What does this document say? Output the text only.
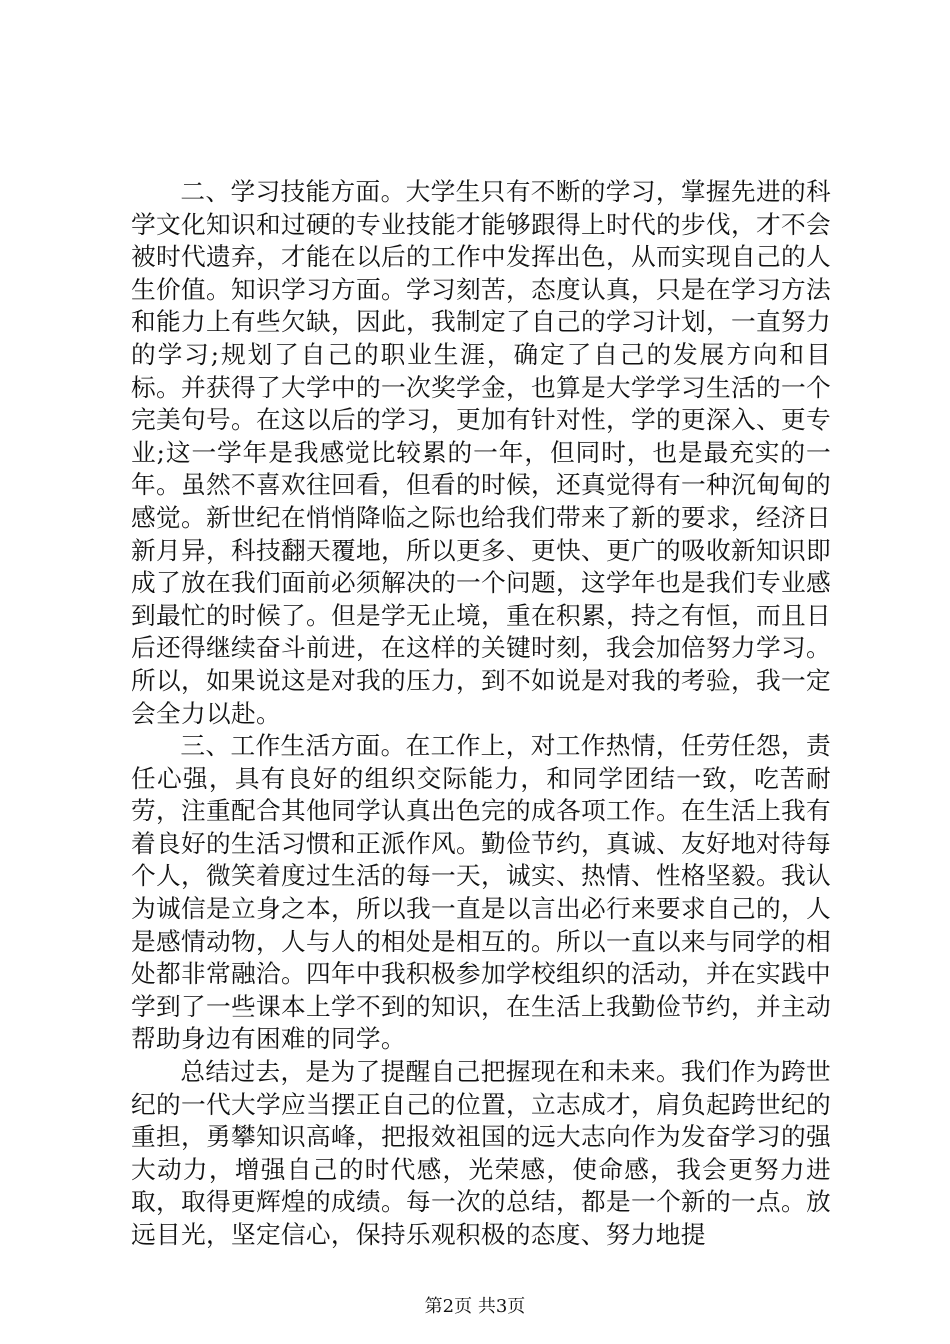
二、学习技能方面。大学生只有不断的学习，掌握先进的科学文化知识和过硬的专业技能才能够跟得上时代的步伐，才不会被时代遗弃，才能在以后的工作中发挥出色，从而实现自己的人生价值。知识学习方面。学习刻苦，态度认真，只是在学习方法和能力上有些欠缺，因此，我制定了自己的学习计划，一直努力的学习;规划了自己的职业生涯，确定了自己的发展方向和目标。并获得了大学中的一次奖学金，也算是大学学习生活的一个完美句号。在这以后的学习，更加有针对性，学的更深入、更专业;这一学年是我感觉比较累的一年，但同时，也是最充实的一年。虽然不喜欢往回看，但看的时候，还真觉得有一种沉甸甸的感觉。新世纪在悄悄降临之际也给我们带来了新的要求，经济日新月异，科技翻天覆地，所以更多、更快、更广的吸收新知识即成了放在我们面前必须解决的一个问题，这学年也是我们专业感到最忙的时候了。但是学无止境，重在积累，持之有恒，而且日后还得继续奋斗前进，在这样的关键时刻，我会加倍努力学习。所以，如果说这是对我的压力，到不如说是对我的考验，我一定会全力以赴。

三、工作生活方面。在工作上，对工作热情，任劳任怨，责任心强，具有良好的组织交际能力，和同学团结一致，吃苦耐劳，注重配合其他同学认真出色完的成各项工作。在生活上我有着良好的生活习惯和正派作风。勤俭节约，真诚、友好地对待每个人，微笑着度过生活的每一天，诚实、热情、性格坚毅。我认为诚信是立身之本，所以我一直是以言出必行来要求自己的，人是感情动物，人与人的相处是相互的。所以一直以来与同学的相处都非常融洽。四年中我积极参加学校组织的活动，并在实践中学到了一些课本上学不到的知识，在生活上我勤俭节约，并主动帮助身边有困难的同学。

总结过去，是为了提醒自己把握现在和未来。我们作为跨世纪的一代大学应当摆正自己的位置，立志成才，肩负起跨世纪的重担，勇攀知识高峰，把报效祖国的远大志向作为发奋学习的强大动力，增强自己的时代感，光荣感，使命感，我会更努力进取，取得更辉煌的成绩。每一次的总结，都是一个新的一点。放远目光，坚定信心，保持乐观积极的态度、努力地提

第2页 共3页
